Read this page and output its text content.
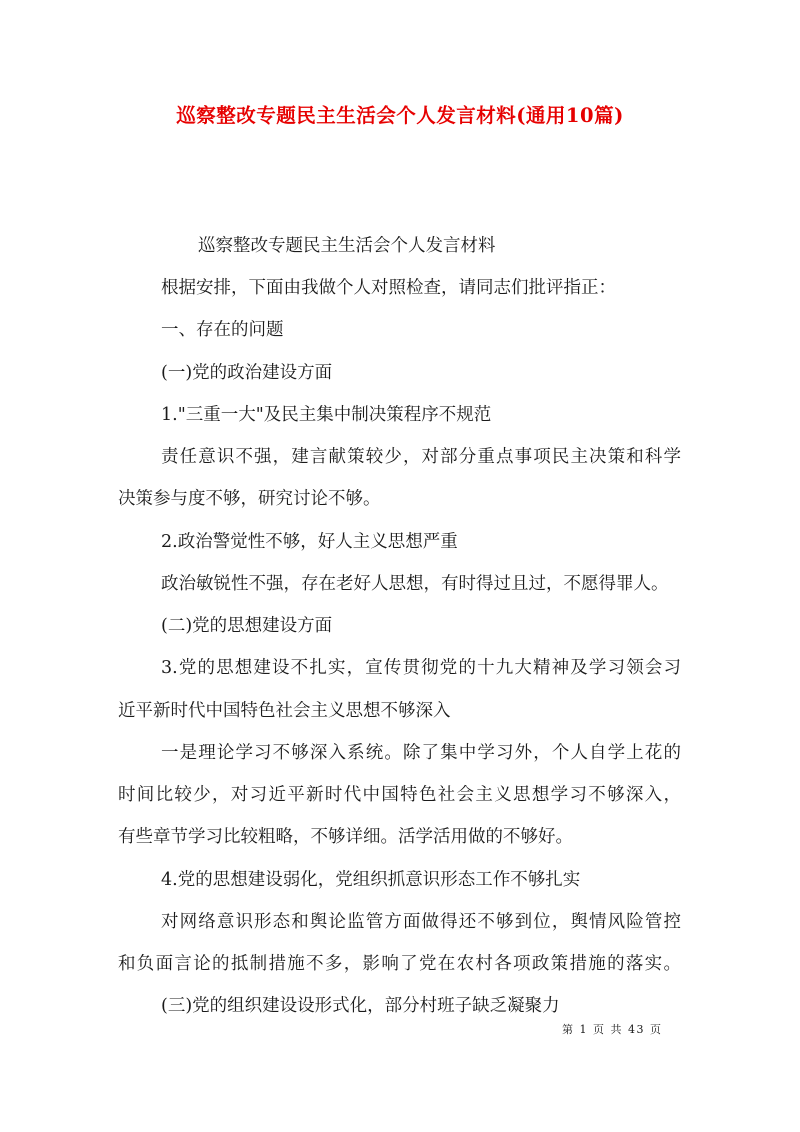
巡察整改专题民主生活会个人发言材料(通用10篇)

巡察整改专题民主生活会个人发言材料

根据安排，下面由我做个人对照检查，请同志们批评指正：

一、存在的问题

(一)党的政治建设方面

1."三重一大"及民主集中制决策程序不规范

责任意识不强，建言献策较少，对部分重点事项民主决策和科学

决策参与度不够，研究讨论不够。

2.政治警觉性不够，好人主义思想严重

政治敏锐性不强，存在老好人思想，有时得过且过，不愿得罪人。

(二)党的思想建设方面

3.党的思想建设不扎实，宣传贯彻党的十九大精神及学习领会习

近平新时代中国特色社会主义思想不够深入

一是理论学习不够深入系统。除了集中学习外，个人自学上花的

时间比较少，对习近平新时代中国特色社会主义思想学习不够深入，

有些章节学习比较粗略，不够详细。活学活用做的不够好。

4.党的思想建设弱化，党组织抓意识形态工作不够扎实

对网络意识形态和舆论监管方面做得还不够到位，舆情风险管控

和负面言论的抵制措施不多，影响了党在农村各项政策措施的落实。

(三)党的组织建设设形式化，部分村班子缺乏凝聚力

第 1 页 共 43 页
